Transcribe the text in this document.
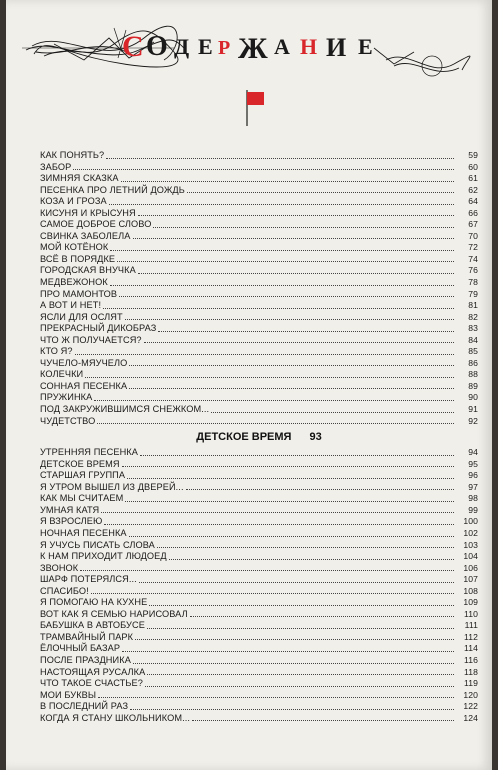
С О Д Е Р Ж А Н И Е
КАК ПОНЯТЬ?	59
ЗАБОР	60
ЗИМНЯЯ СКАЗКА	61
ПЕСЕНКА ПРО ЛЕТНИЙ ДОЖДЬ	62
КОЗА И ГРОЗА	64
КИСУНЯ И КРЫСУНЯ	66
САМОЕ ДОБРОЕ СЛОВО	67
СВИНКА ЗАБОЛЕЛА	70
МОЙ КОТЁНОК	72
ВСЁ В ПОРЯДКЕ	74
ГОРОДСКАЯ ВНУЧКА	76
МЕДВЕЖОНОК	78
ПРО МАМОНТОВ	79
А ВОТ И НЕТ!	81
ЯСЛИ ДЛЯ ОСЛЯТ	82
ПРЕКРАСНЫЙ ДИКОБРАЗ	83
ЧТО Ж ПОЛУЧАЕТСЯ?	84
КТО Я?	85
ЧУЧЕЛО-МЯУЧЕЛО	86
КОЛЕЧКИ	88
СОННАЯ ПЕСЕНКА	89
ПРУЖИНКА	90
ПОД ЗАКРУЖИВШИМСЯ СНЕЖКОМ...	91
ЧУДЕТСТВО	92
ДЕТСКОЕ ВРЕМЯ 93
УТРЕННЯЯ ПЕСЕНКА	94
ДЕТСКОЕ ВРЕМЯ	95
СТАРШАЯ ГРУППА	96
Я УТРОМ ВЫШЕЛ ИЗ ДВЕРЕЙ...	97
КАК МЫ СЧИТАЕМ	98
УМНАЯ КАТЯ	99
Я ВЗРОСЛЕЮ	100
НОЧНАЯ ПЕСЕНКА	102
Я УЧУСЬ ПИСАТЬ СЛОВА	103
К НАМ ПРИХОДИТ ЛЮДОЕД	104
ЗВОНОК	106
ШАРФ ПОТЕРЯЛСЯ...	107
СПАСИБО!	108
Я ПОМОГАЮ НА КУХНЕ	109
ВОТ КАК Я СЕМЬЮ НАРИСОВАЛ	110
БАБУШКА В АВТОБУСЕ	111
ТРАМВАЙНЫЙ ПАРК	112
ЁЛОЧНЫЙ БАЗАР	114
ПОСЛЕ ПРАЗДНИКА	116
НАСТОЯЩАЯ РУСАЛКА	118
ЧТО ТАКОЕ СЧАСТЬЕ?	119
МОИ БУКВЫ	120
В ПОСЛЕДНИЙ РАЗ	122
КОГДА Я СТАНУ ШКОЛЬНИКОМ...	124
